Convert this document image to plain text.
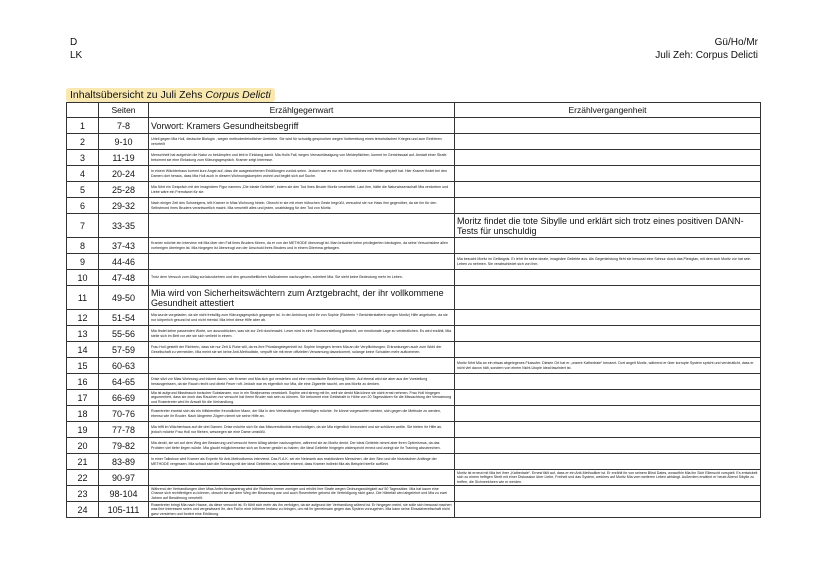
D
LK
Gü/Ho/Mr
Juli Zeh: Corpus Delicti
Inhaltsübersicht zu Juli Zehs Corpus Delicti
	Seiten	Erzählgegenwart	Erzählvergangenheit
1	7-8	Vorwort: Kramers Gesundheitsbegriff	
2	9-10	Urteil gegen Mia Holl, deutsche Biologin , wegen methodenfeindlicher Umtriebe. Sie wird für schuldig gesprochen wegen Vorbereitung eines terroristischen Krieges und zum Einfrieren verurteilt	
3	11-19	Menschheit hat aufgehört die Natur zu bekämpfen und lebt in Einklang damit. Mia Holls Fall, wegen Vernachlässigung von Meldepflichten, kommt im Gerichtssaal auf. Anstatt einer Strafe bekommt sie eine Einladung zum Klärungsgespräch. Kramer zeigt Interesse.	
4	20-24	In einem Wächterhaus kommt kurz Angst auf, dass die ausgestorbenen Erkältungen zurück seien. Jedoch war es nur ein Kind, welches mit Pfeffer gespielt hat. Hier Kramer findet bei den Damen dort heraus, dass Mia Holl auch in diesem Wohnungskomplex wohnt und begibt sich auf Suche.	
5	25-28	Mia führt ein Gespräch mit der imaginären Figur namens „Die ideale Geliebte“, indem sie den Tod ihres Bruder Moritz verarbeitet. Laut ihm, hätte die Naturwissenschaft Mia verdorben und Liebe wäre ein Fremdwort für sie.	
6	29-32	Nach einiger Zeit des Schweigens, tritt Kramer in Mias Wohnung hinein. Obwohl er sie mit einer hübschen Geste begrüßt, versuchst sie nur Hass ihm gegenüber, da sie ihn für den Selbstmord ihres Bruders verantwortlich macht. Mia verurteilt alles und jeden, unabhängig für den Tod von Moritz.	
7	33-35		Moritz findet die tote Sibylle und erklärt sich trotz eines positiven DANN-Tests für unschuldig
8	37-43	Kramer möchte ein Interview mit Mia über den Fall ihres Bruders führen, da er von der METHODE überzeugt ist. Man bräuchte keine privilegierten Ideologien, da seine Versuchsidee allen vorherigen überlegen ist. Mia hingegen ist überzeugt von der Unschuld ihres Bruders und in einem Dilemma gefangen.	
9	44-46		Mia besucht Moritz im Gefängnis. Er lehrt ihr seine ideale, imaginäre Geliebte aus. Als Gegenleistung fleht sie bewusst eine Schnur durch das Plexiglas, mit dem sich Moritz vor hat sein Leben zu nehmen. Sie verabschiedet sich von ihm.
10	47-48	Trotz dem Versuch zum Alltag zurückzukehren und den gesundheitlichen Maßnahmen nachzugehen, scheitert Mia. Sie sieht keine Bedeutung mehr im Leben.	
11	49-50	Mia wird von Sicherheitswächtern zum Arztgebracht, der ihr vollkommene Gesundheit attestiert	
12	51-54	Mia wurde vorgeladen, da sie nicht freiwillig zum Klärungsgespräch gegangen ist. In der Anhörung wird ihr von Sophie (Richterin + Berichterstatterin wegen Moritz) Hilfe angeboten, da sie nur körperlich gesund ist und nicht mental. Mia lehnt diese Hilfe aber ab.	
13	55-56	Mia findet keine passenden Worte, um auszudrücken, was sie zur Zeit durchmacht. Leser wird in eine Traumvorstellung gebracht, um emotionale Lage zu verdeutlichen. Es wird erzählt, Mia stelle sich im Bett vor wie sie sich verliebt in einem.	
14	57-59	Frau Holl gestellt der Richterin, dass sie nur Zeit & Ruhe will, da es ihre Privatangelegenheit ist. Sophie hingegen lernen Mia an die Verpflichtungen, Erkrankungen auch zum Wohl der Gesellschaft zu vermeiden. Mia meint sie sei keine Anti-Methodistin, verpufft sie mit einer offiziellen Verwarnung davonkommt, solange keine Schulden mehr aufkommen.	
15	60-63		Moritz führt Mia an ein etwas abgelegenes Flussufer. Diesen Ort hat er „unsere Kathedrale“ benannt. Dort angelt Moritz, während er über korrupte System spricht und verdeutlicht, dass er nicht viel davon hält, sondern von einem Nicht-Utopie ideal fasziniert ist.
16	64-65	Drise sitzt vor Mias Wohnung und träumt davon, wie Kramer und Mia sich gut verstehen und eine romantische Beziehung führen. Auf einmal wird sie aber aus der Vorstellung herausgerissen, da sie Rauch riecht und direkt Feuer ruft. Jedoch war es eigentlich nur Mia, die eine Zigarette raucht, um ans Moritz zu denken.	
17	66-69	Mia ist aufgrund Missbrauch toxischer Substanzen, nun in ein Strafprozess verwickelt. Sophie wird streng mit ihr, weil sie denkt Mia könne sie nicht ernst nehmen. Frau Holl hingegen argumentiert, dass sie doch das Rauchen nur versucht hat ihrem Bruder nah sein zu können. Sie bekommt eine Geldstrafe in Höhe von 20 Tagessätzen für die Missachtung der Verwarnung und Rosentreter wird ihr Anwalt für die Verhandlung.	
18	70-76	Rosentreter erweist sich als ein hilfsbereiter freundlicher Mann, der Mia in den Verhandlungen verteidigen möchte. Ihr könne vorgeworfen werden, sich gegen die Methode zu werden, ebenso wie ihr Bruder. Nach längerem Zögern nimmt sie seine Hilfe an.	
19	77-78	Mia trifft im Wächterhaus auf die drei Damen. Drise möchte sich für das Missverständnis entschuldigen, da sie Mia eigentlich bewundert und sie schützen wollte. Sie bieten ihr Hilfe an, jedoch möchte Frau Holl nur fliehen, weswegen sie eine Dame umstößt.	
20	79-82	Mia denkt, sie sei auf dem Weg der Besserung und versucht ihrem Alltag wieder nachzugehen, während sie an Moritz denkt. Der ideal Geliebte nimmt aber ihren Optimismus, da das Problem viel tiefer liegen würde. Mia glaubt möglicherweise sich an Kramer gestört zu haben; die ideal Geliebte hingegen widerspricht erneut und zwingt sie ihr Training abzubrechen.	
21	83-89	In einer Talkshow wird Kramer als Experte für Anti-Methodismus interviewt. Das R.A.K. sei ein Netzwerk aus reaktionären Menschen, die den Sinn und die historischen Anfänge der METHODE vergessen. Mia schaut sich die Sendung mit der ideal Geliebten an, welche erkennt, dass Kramer indirekt Mia als Beispiel hierfür aufführt.	
22	90-97		Moritz ist erneut mit Mia bei ihrer „Kathedrale“. Ernest fällt auf, dass er ein Anti-Methodiker ist. Er erzählt ihr von seinem Blind Dates, woraufhin Mia ihn Sich Ellenucht vorspielt. Es entwickelt sich zu einem heftigen Streit mit einer Diskussion über Liebe, Freiheit und das System, welches auf Moritz Mia vom weiteren Leben abhängt. Außerdem erwähnt er heute Abend Sibylle zu treffen, die Sichneekheen wie er werden.
23	98-104	Während der Verhandlungen über Mias Anfechtungsantrag wird die Richterin immer zorniger und erhöht ihre Strafe wegen Ordnungswidrigkeit auf 50 Tagessätze. Mia hat kaum eine Chance sich rechtfertigen zu können, obwohl sie auf dem Weg der Besserung war und auch Rosentreter geloest die Verteidigung nicht ganz. Die Härtefall wird abgelehnt und Mia zu zwei Jahren auf Bewährung verurteilt.	
24	105-111	Rosentreter bringt Mia nach Hause, da diese versucht ist. Er fühlt sich mehr als ihn verfolgen, da sie aufgrund der Verhandlung wütend ist. Er hingegen meint, sie solle sich bewusst machen was ihre Interessen seien und vergewissert ihr, den Fall in eine höheren Instanz zu bringen, um mit ihr gemeinsam gegen das System vorzugehen. Mia kann seine Einsatzbereitschaft nicht ganz verstehen und fordert eine Erklärung.	
